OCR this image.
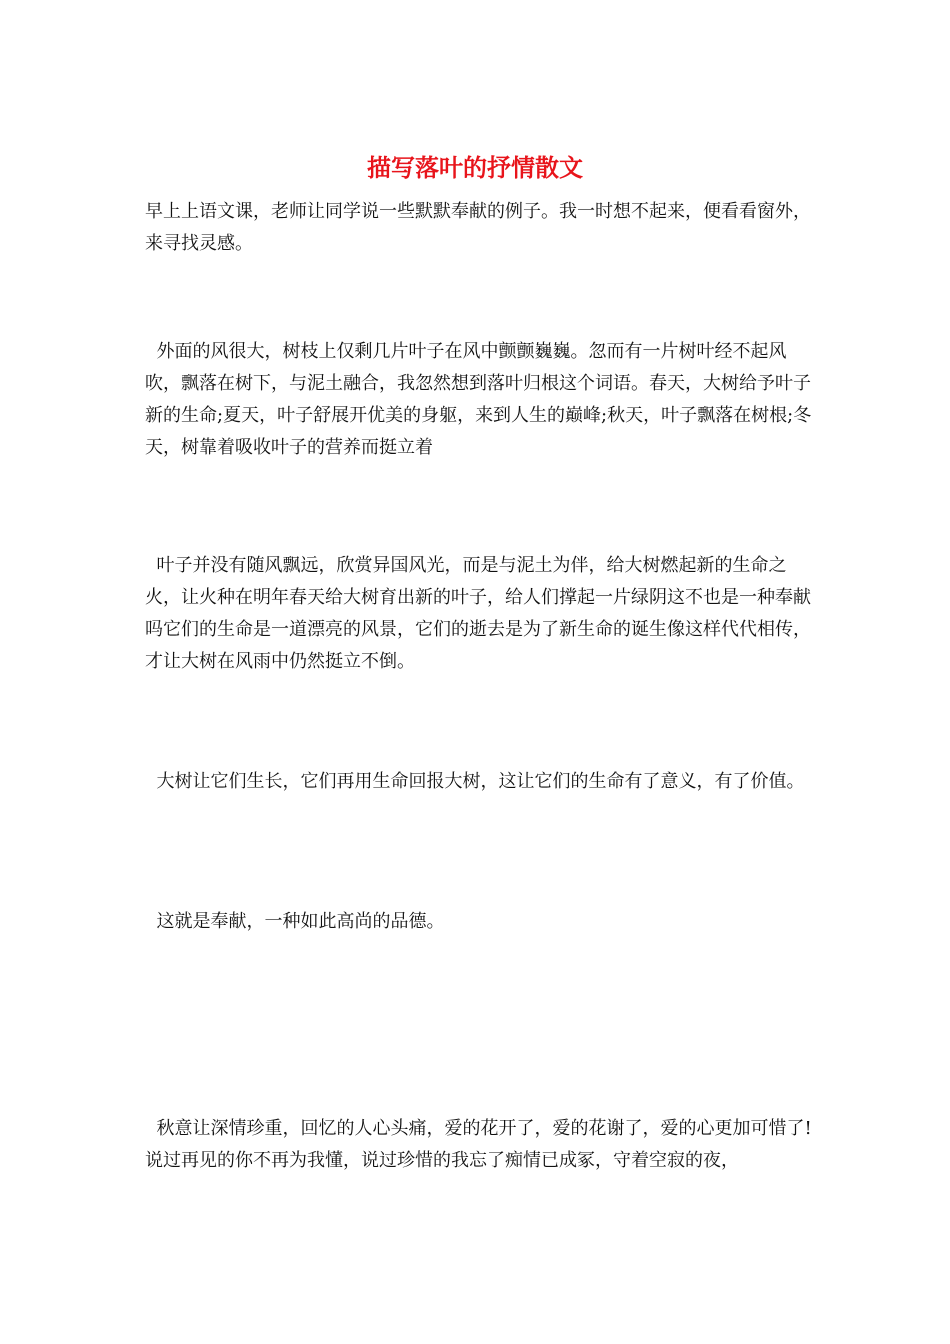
描写落叶的抒情散文

早上上语文课，老师让同学说一些默默奉献的例子。我一时想不起来，便看看窗外，来寻找灵感。

外面的风很大，树枝上仅剩几片叶子在风中颤颤巍巍。忽而有一片树叶经不起风吹，飘落在树下，与泥土融合，我忽然想到落叶归根这个词语。春天，大树给予叶子新的生命;夏天，叶子舒展开优美的身躯，来到人生的巅峰;秋天，叶子飘落在树根;冬天，树靠着吸收叶子的营养而挺立着

叶子并没有随风飘远，欣赏异国风光，而是与泥土为伴，给大树燃起新的生命之火，让火种在明年春天给大树育出新的叶子，给人们撑起一片绿阴这不也是一种奉献吗它们的生命是一道漂亮的风景，它们的逝去是为了新生命的诞生像这样代代相传，才让大树在风雨中仍然挺立不倒。

大树让它们生长，它们再用生命回报大树，这让它们的生命有了意义，有了价值。

这就是奉献，一种如此高尚的品德。

秋意让深情珍重，回忆的人心头痛，爱的花开了，爱的花谢了，爱的心更加可惜了!说过再见的你不再为我懂，说过珍惜的我忘了痴情已成冢，守着空寂的夜，
